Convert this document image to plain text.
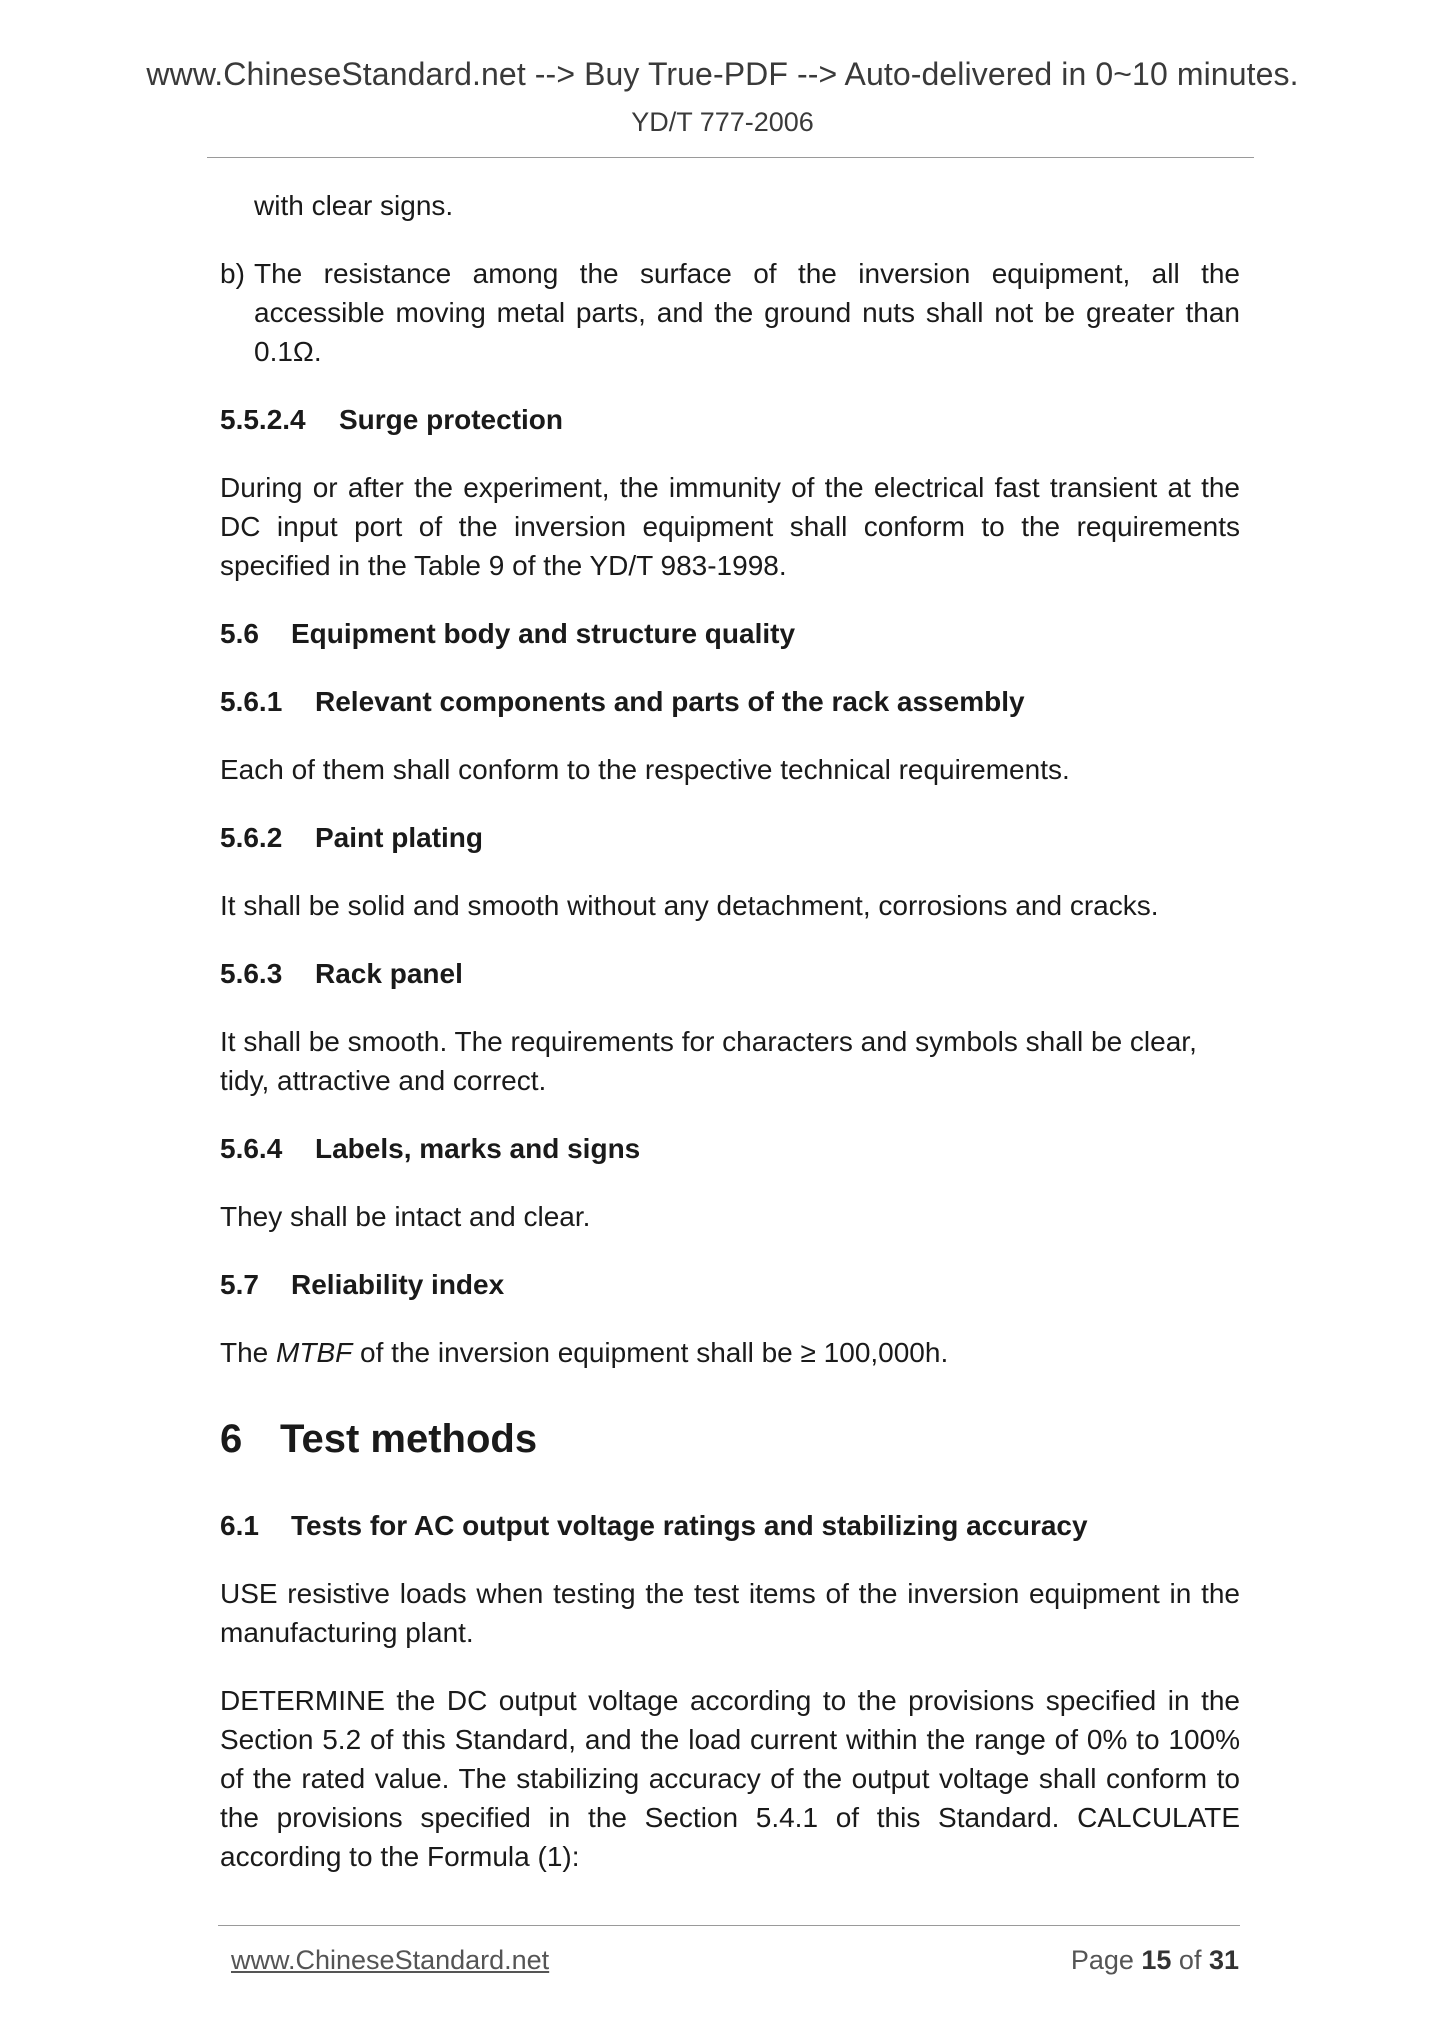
www.ChineseStandard.net --> Buy True-PDF --> Auto-delivered in 0~10 minutes.
YD/T 777-2006

with clear signs.

b) The resistance among the surface of the inversion equipment, all the accessible moving metal parts, and the ground nuts shall not be greater than 0.1Ω.
5.5.2.4	Surge protection

During or after the experiment, the immunity of the electrical fast transient at the DC input port of the inversion equipment shall conform to the requirements specified in the Table 9 of the YD/T 983-1998.

5.6	Equipment body and structure quality
5.6.1	Relevant components and parts of the rack assembly

Each of them shall conform to the respective technical requirements.

5.6.2	Paint plating

It shall be solid and smooth without any detachment, corrosions and cracks.

5.6.3	Rack panel

It shall be smooth. The requirements for characters and symbols shall be clear, tidy, attractive and correct.

5.6.4	Labels, marks and signs

They shall be intact and clear.

5.7	Reliability index

The MTBF of the inversion equipment shall be ≥ 100,000h.

6 Test methods
6.1	Tests for AC output voltage ratings and stabilizing accuracy

USE resistive loads when testing the test items of the inversion equipment in the manufacturing plant.

DETERMINE the DC output voltage according to the provisions specified in the Section 5.2 of this Standard, and the load current within the range of 0% to 100% of the rated value. The stabilizing accuracy of the output voltage shall conform to the provisions specified in the Section 5.4.1 of this Standard. CALCULATE according to the Formula (1):

www.ChineseStandard.net	Page 15 of 31
